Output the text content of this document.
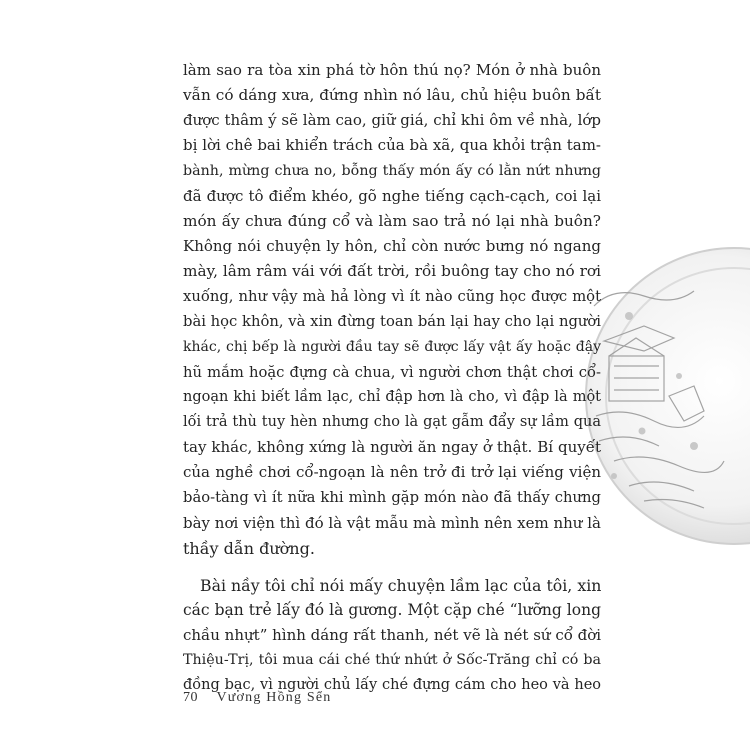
làm sao ra tòa xin phá tờ hôn thú nọ? Món ở nhà buôn
vẫn có dáng xưa, đứng nhìn nó lâu, chủ hiệu buôn bất
được thâm ý sẽ làm cao, giữ giá, chỉ khi ôm về nhà, lớp
bị lời chê bai khiển trách của bà xã, qua khỏi trận tam-
bành, mừng chưa no, bỗng thấy món ấy có lằn nứt nhưng
đã được tô điểm khéo, gõ nghe tiếng cạch-cạch, coi lại
món ấy chưa đúng cổ và làm sao trả nó lại nhà buôn?
Không nói chuyện ly hôn, chỉ còn nước bưng nó ngang
mày, lâm râm vái với đất trời, rồi buông tay cho nó rơi
xuống, như vậy mà hả lòng vì ít nào cũng học được một
bài học khôn, và xin đừng toan bán lại hay cho lại người
khác, chị bếp là người đầu tay sẽ được lấy vật ấy hoặc đậy
hũ mắm hoặc đựng cà chua, vì người chơn thật chơi cổ-
ngoạn khi biết lầm lạc, chỉ đập hơn là cho, vì đập là một
lối trả thù tuy hèn nhưng cho là gạt gẫm đẩy sự lầm qua
tay khác, không xứng là người ăn ngay ở thật. Bí quyết
của nghề chơi cổ-ngoạn là nên trở đi trở lại viếng viện
bảo-tàng vì ít nữa khi mình gặp món nào đã thấy chưng
bày nơi viện thì đó là vật mẫu mà mình nên xem như là
thầy dẫn đường.
Bài nầy tôi chỉ nói mấy chuyện lầm lạc của tôi, xin
các bạn trẻ lấy đó là gương. Một cặp ché “lưỡng long
chầu nhựt” hình dáng rất thanh, nét vẽ là nét sứ cổ đời
Thiệu-Trị, tôi mua cái ché thứ nhứt ở Sốc-Trăng chỉ có ba
đồng bạc, vì người chủ lấy ché đựng cám cho heo và heo
70 Vương Hồng Sển
